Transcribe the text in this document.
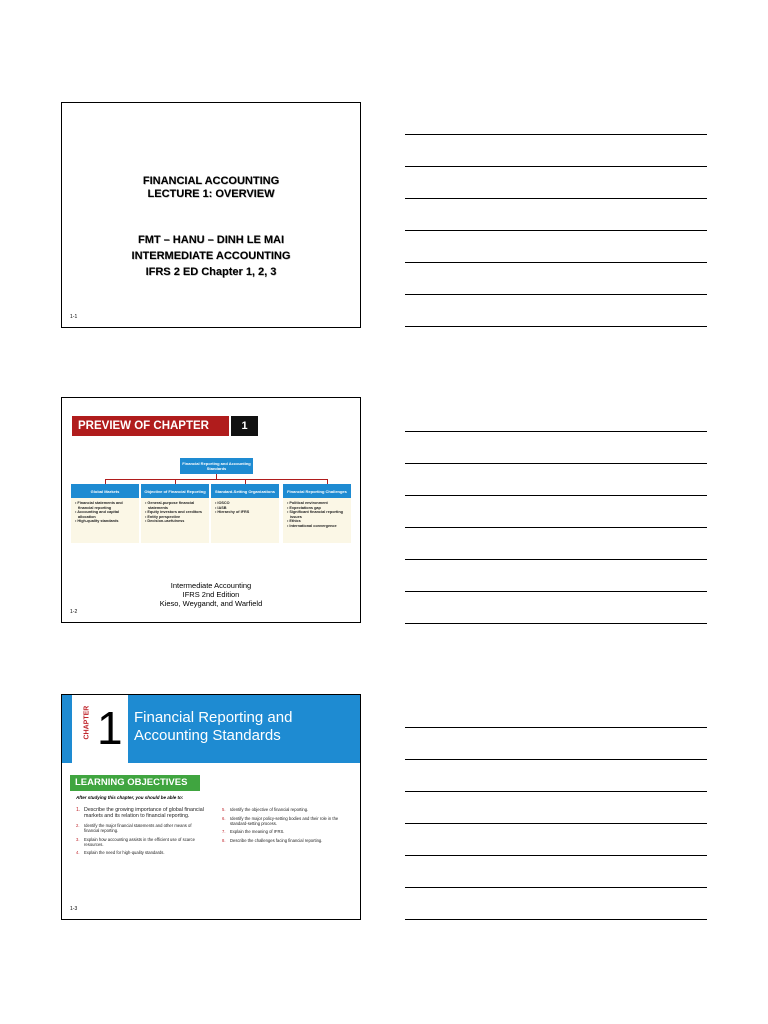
FINANCIAL ACCOUNTING
LECTURE 1: OVERVIEW
FMT – HANU – DINH LE MAI
INTERMEDIATE ACCOUNTING
IFRS 2 ED Chapter 1, 2, 3
1-1
PREVIEW OF CHAPTER	1
Financial Reporting and Accounting Standards
Global Markets	Objective of Financial Reporting	Standard-Setting Organizations	Financial Reporting Challenges
• Financial statements and financial reporting
• Accounting and capital allocation
• High-quality standards
• General-purpose financial statements
• Equity investors and creditors
• Entity perspective
• Decision-usefulness
• IOSCO
• IASB
• Hierarchy of IFRS
• Political environment
• Expectations gap
• Significant financial reporting issues
• Ethics
• International convergence
Intermediate Accounting
IFRS 2nd Edition
Kieso, Weygandt, and Warfield
1-2
CHAPTER 1 Financial Reporting and
Accounting Standards
LEARNING OBJECTIVES
After studying this chapter, you should be able to:
1. Describe the growing importance of global financial markets and its relation to financial reporting.
2.	Identify the major financial statements and other means of financial reporting.
3.	Explain how accounting assists in the efficient use of scarce resources.
4.	Explain the need for high-quality standards.
5.	Identify the objective of financial reporting.
6.	Identify the major policy-setting bodies and their role in the standard-setting process.
7.	Explain the meaning of IFRS.
8.	Describe the challenges facing financial reporting.
1-3
